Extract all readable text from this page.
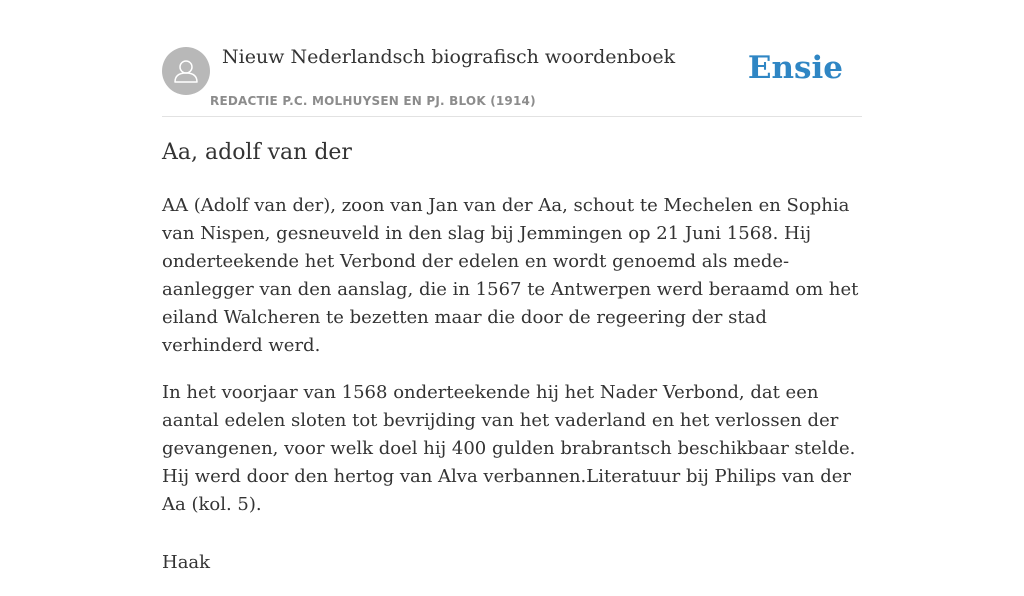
Nieuw Nederlandsch biografisch woordenboek
REDACTIE P.C. MOLHUYSEN EN PJ. BLOK (1914)
Ensie
Aa, adolf van der

AA (Adolf van der), zoon van Jan van der Aa, schout te Mechelen en Sophia van Nispen, gesneuveld in den slag bij Jemmingen op 21 Juni 1568. Hij onderteekende het Verbond der edelen en wordt genoemd als mede-aanlegger van den aanslag, die in 1567 te Antwerpen werd beraamd om het eiland Walcheren te bezetten maar die door de regeering der stad verhinderd werd.

In het voorjaar van 1568 onderteekende hij het Nader Verbond, dat een aantal edelen sloten tot bevrijding van het vaderland en het verlossen der gevangenen, voor welk doel hij 400 gulden brabrantsch beschikbaar stelde. Hij werd door den hertog van Alva verbannen.Literatuur bij Philips van der Aa (kol. 5).

Haak
